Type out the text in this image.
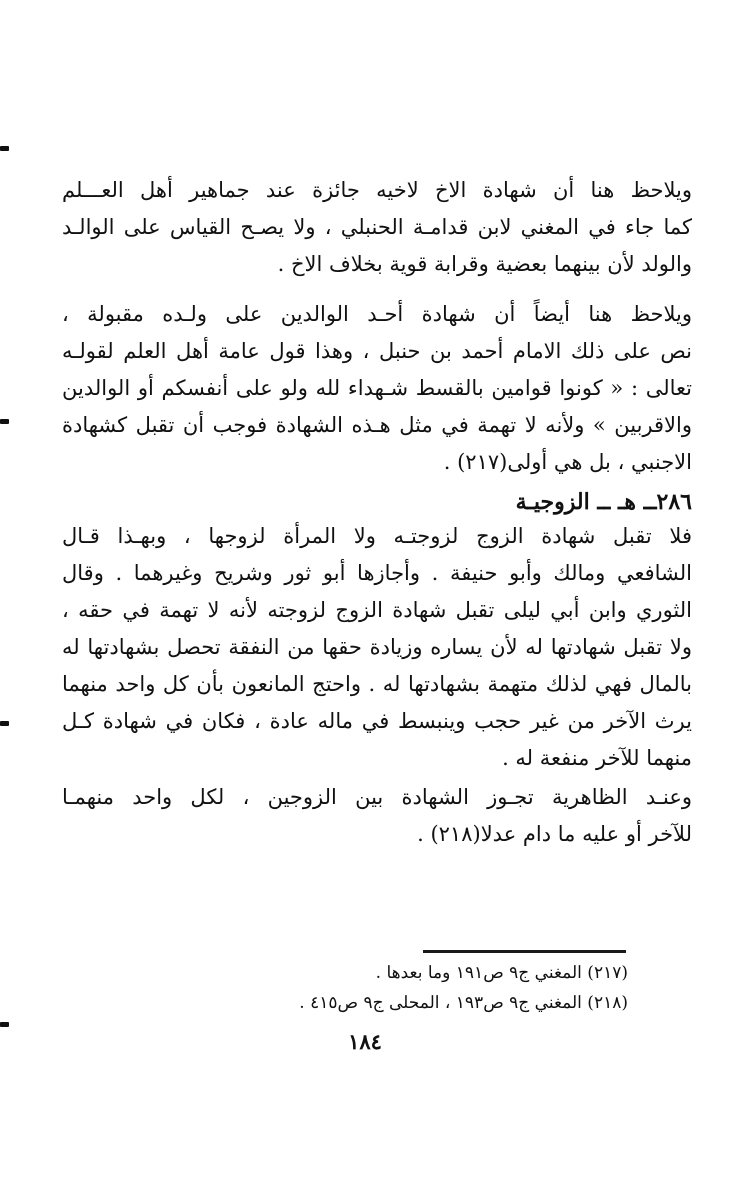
ويلاحظ هنا أن شهادة الاخ لاخيه جائزة عند جماهير أهل العـــلم
كما جاء في المغني لابن قدامـة الحنبلي ، ولا يصـح القياس على الوالـد
والولد لأن بينهما بعضية وقرابة قوية بخلاف الاخ .
ويلاحظ هنا أيضاً أن شهادة أحـد الوالدين على ولـده مقبولة ،
نص على ذلك الامام أحمد بن حنبل ، وهذا قول عامة أهل العلم لقولـه
تعالى : « كونوا قوامين بالقسط شـهداء لله ولو على أنفسكم أو الوالدين
والاقربين » ولأنه لا تهمة في مثل هـذه الشهادة فوجب أن تقبل كشهادة
الاجنبي ، بل هي أولى(٢١٧) .
٢٨٦ــ هـ ــ الزوجيـة
فلا تقبل شهادة الزوج لزوجتـه ولا المرأة لزوجها ، وبهـذا قـال
الشافعي ومالك وأبو حنيفة . وأجازها أبو ثور وشريح وغيرهما . وقال
الثوري وابن أبي ليلى تقبل شهادة الزوج لزوجته لأنه لا تهمة في حقه ،
ولا تقبل شهادتها له لأن يساره وزيادة حقها من النفقة تحصل بشهادتها له
بالمال فهي لذلك متهمة بشهادتها له . واحتج المانعون بأن كل واحد منهما
يرث الآخر من غير حجب وينبسط في ماله عادة ، فكان في شهادة كـل
منهما للآخر منفعة له .
وعنـد الظاهرية تجـوز الشهادة بين الزوجين ، لكل واحد منهمـا
للآخر أو عليه ما دام عدلا(٢١٨) .
(٢١٧) المغني ج٩ ص١٩١ وما بعدها .
(٢١٨) المغني ج٩ ص١٩٣ ، المحلى ج٩ ص٤١٥ .
١٨٤
